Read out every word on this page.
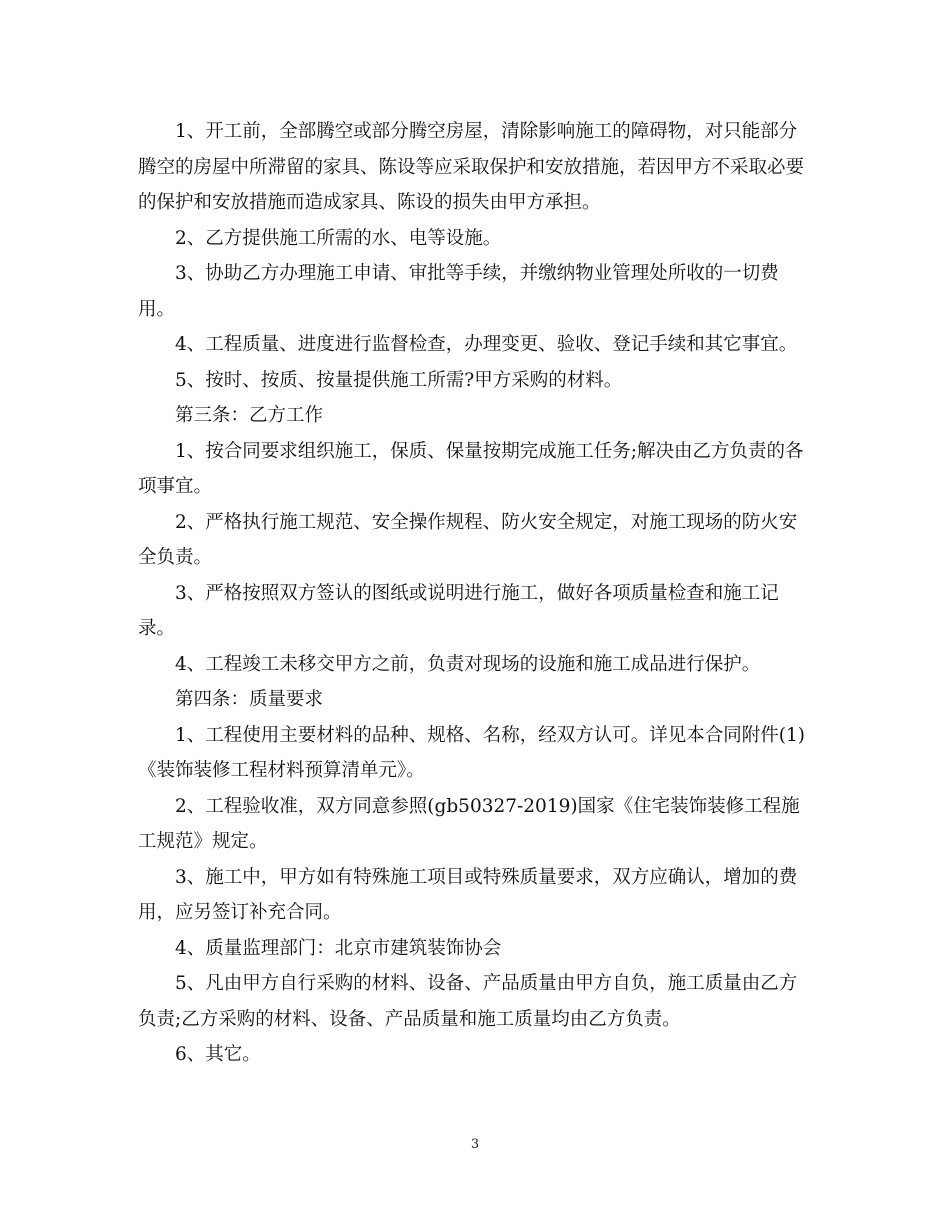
1、开工前，全部腾空或部分腾空房屋，清除影响施工的障碍物，对只能部分腾空的房屋中所滞留的家具、陈设等应采取保护和安放措施，若因甲方不采取必要的保护和安放措施而造成家具、陈设的损失由甲方承担。

2、乙方提供施工所需的水、电等设施。

3、协助乙方办理施工申请、审批等手续，并缴纳物业管理处所收的一切费用。

4、工程质量、进度进行监督检查，办理变更、验收、登记手续和其它事宜。

5、按时、按质、按量提供施工所需?甲方采购的材料。

第三条：乙方工作

1、按合同要求组织施工，保质、保量按期完成施工任务;解决由乙方负责的各项事宜。

2、严格执行施工规范、安全操作规程、防火安全规定，对施工现场的防火安全负责。

3、严格按照双方签认的图纸或说明进行施工，做好各项质量检查和施工记录。

4、工程竣工未移交甲方之前，负责对现场的设施和施工成品进行保护。

第四条：质量要求

1、工程使用主要材料的品种、规格、名称，经双方认可。详见本合同附件(1)《装饰装修工程材料预算清单元》。

2、工程验收准，双方同意参照(gb50327-2019)国家《住宅装饰装修工程施工规范》规定。

3、施工中，甲方如有特殊施工项目或特殊质量要求，双方应确认，增加的费用，应另签订补充合同。

4、质量监理部门：北京市建筑装饰协会

5、凡由甲方自行采购的材料、设备、产品质量由甲方自负，施工质量由乙方负责;乙方采购的材料、设备、产品质量和施工质量均由乙方负责。

6、其它。

3
